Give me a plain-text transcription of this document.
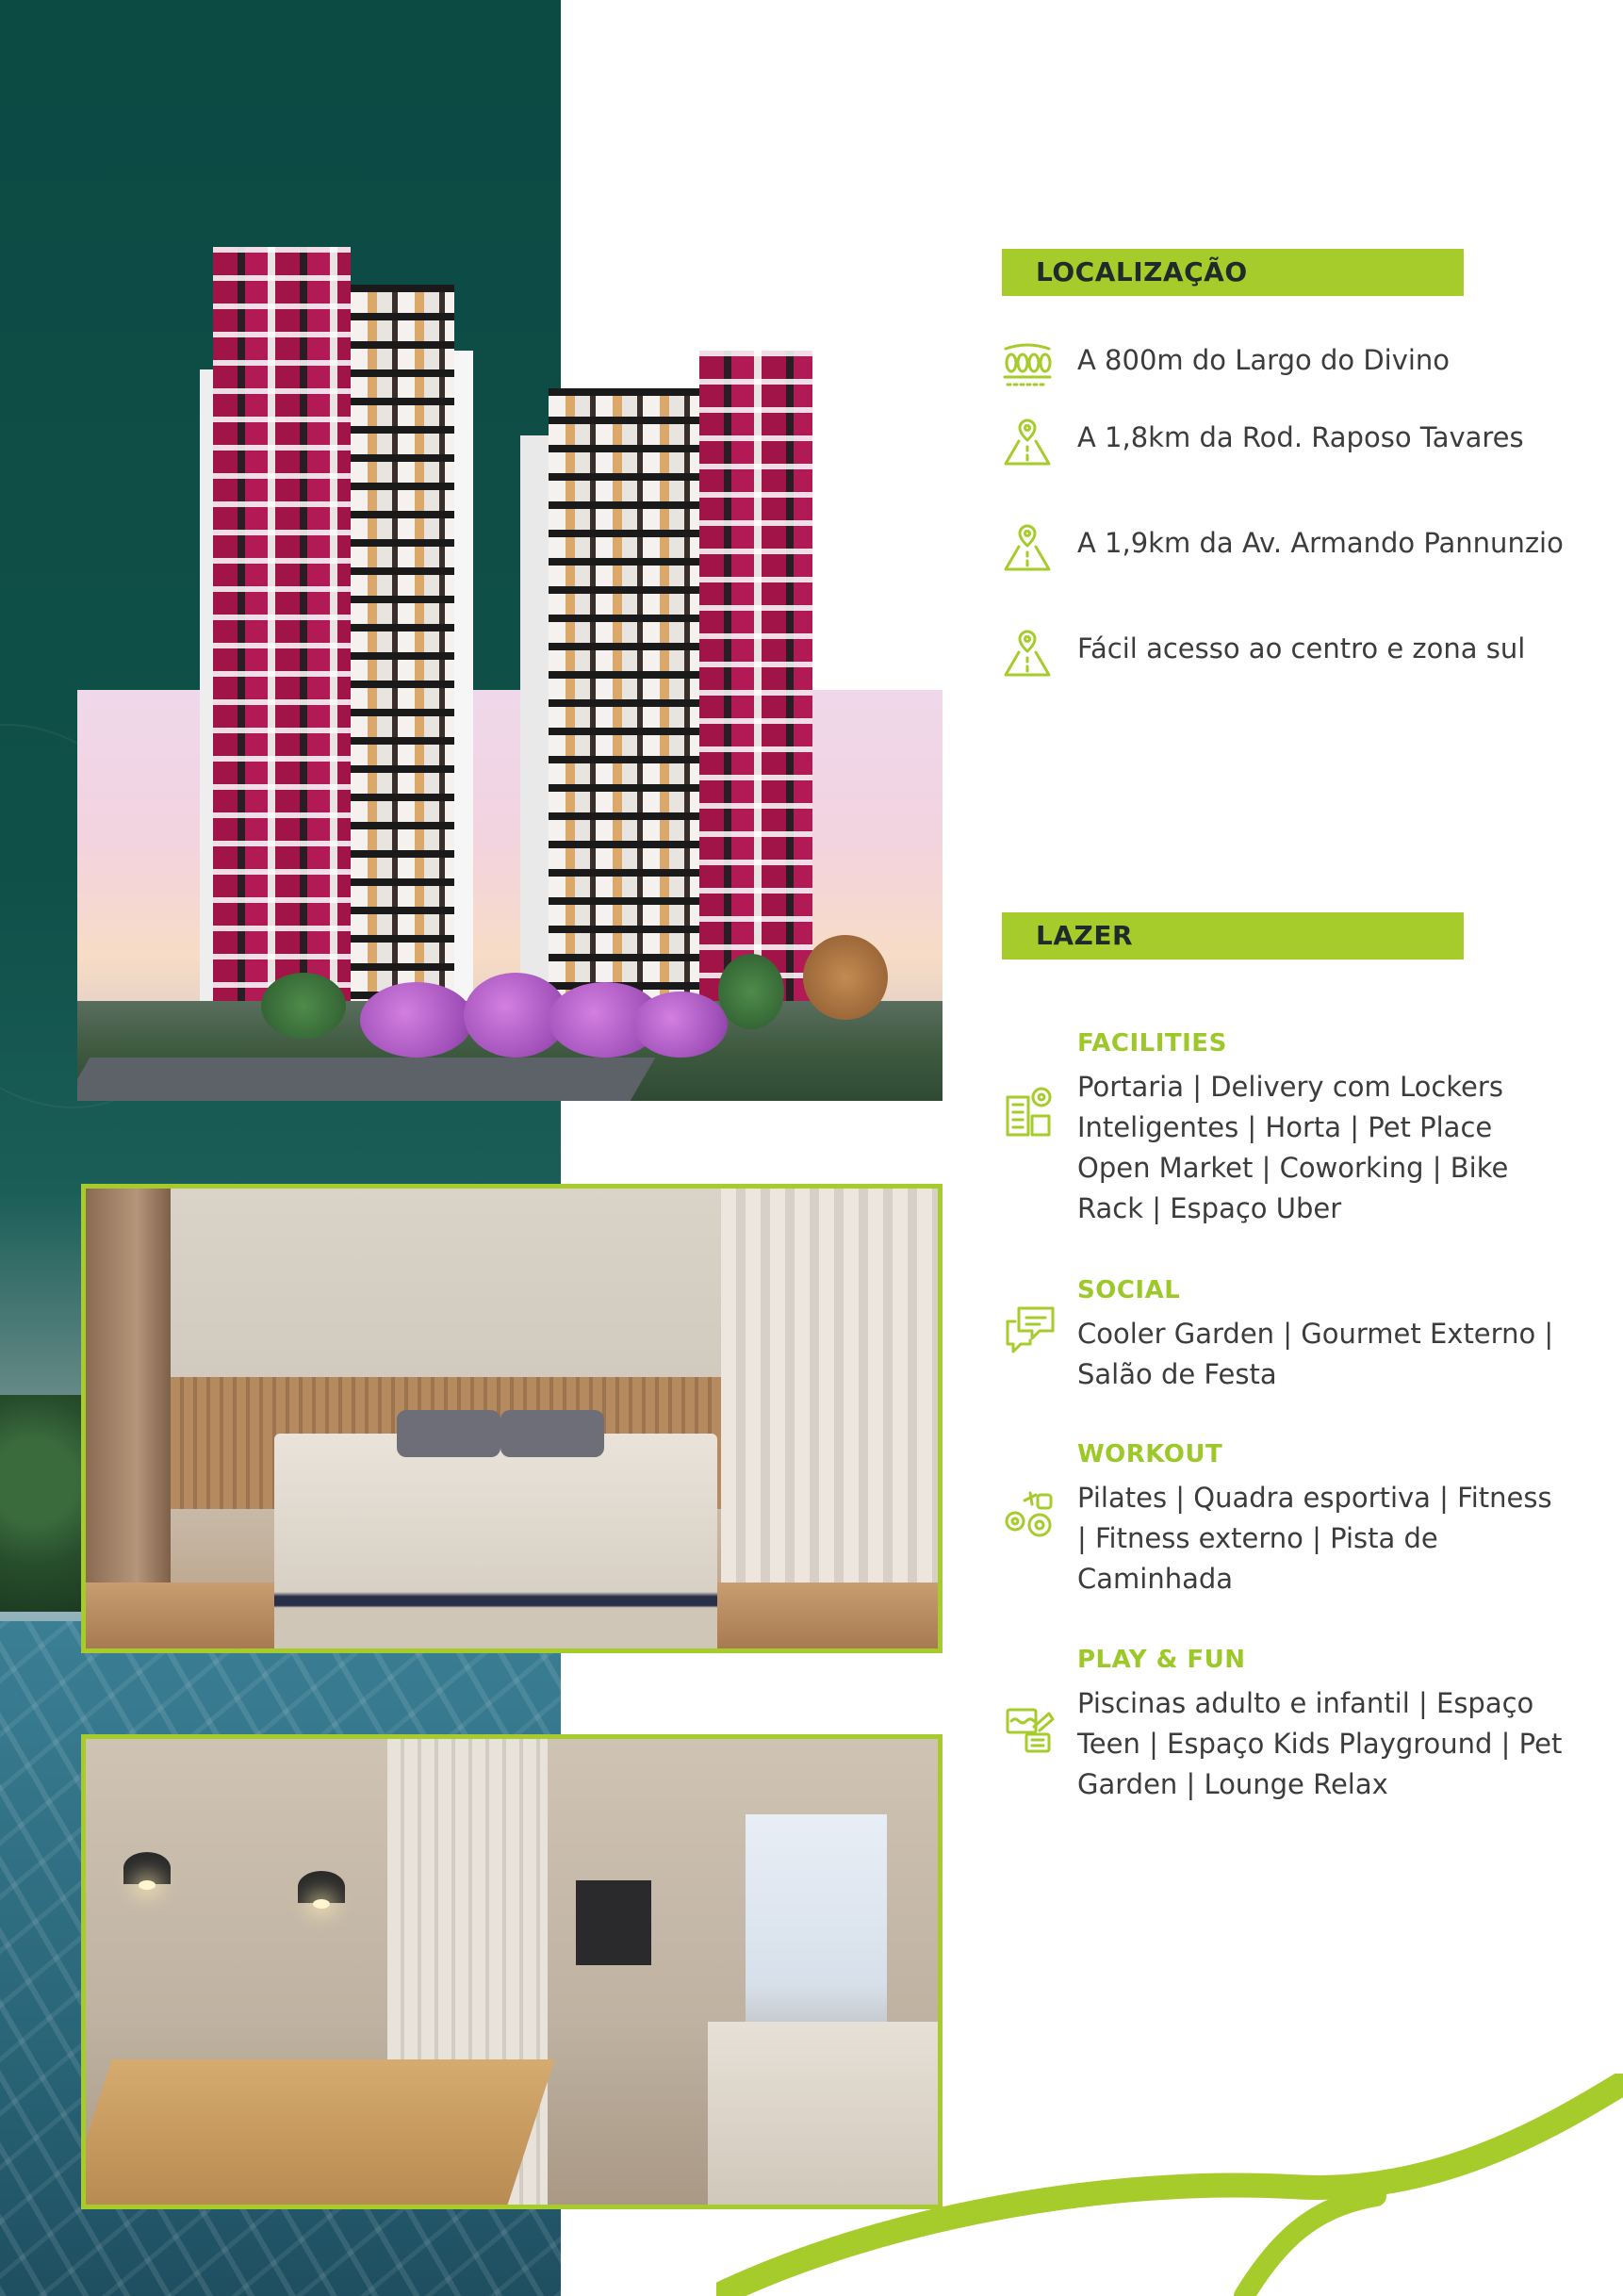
LOCALIZAÇÃO
A 800m do Largo do Divino
A 1,8km da Rod. Raposo Tavares
A 1,9km da Av. Armando Pannunzio
Fácil acesso ao centro e zona sul
LAZER
FACILITIES
Portaria | Delivery com Lockers Inteligentes | Horta | Pet Place Open Market | Coworking | Bike Rack | Espaço Uber
SOCIAL
Cooler Garden | Gourmet Externo | Salão de Festa
WORKOUT
Pilates | Quadra esportiva | Fitness | Fitness externo | Pista de Caminhada
PLAY & FUN
Piscinas adulto e infantil | Espaço Teen | Espaço Kids Playground | Pet Garden | Lounge Relax
